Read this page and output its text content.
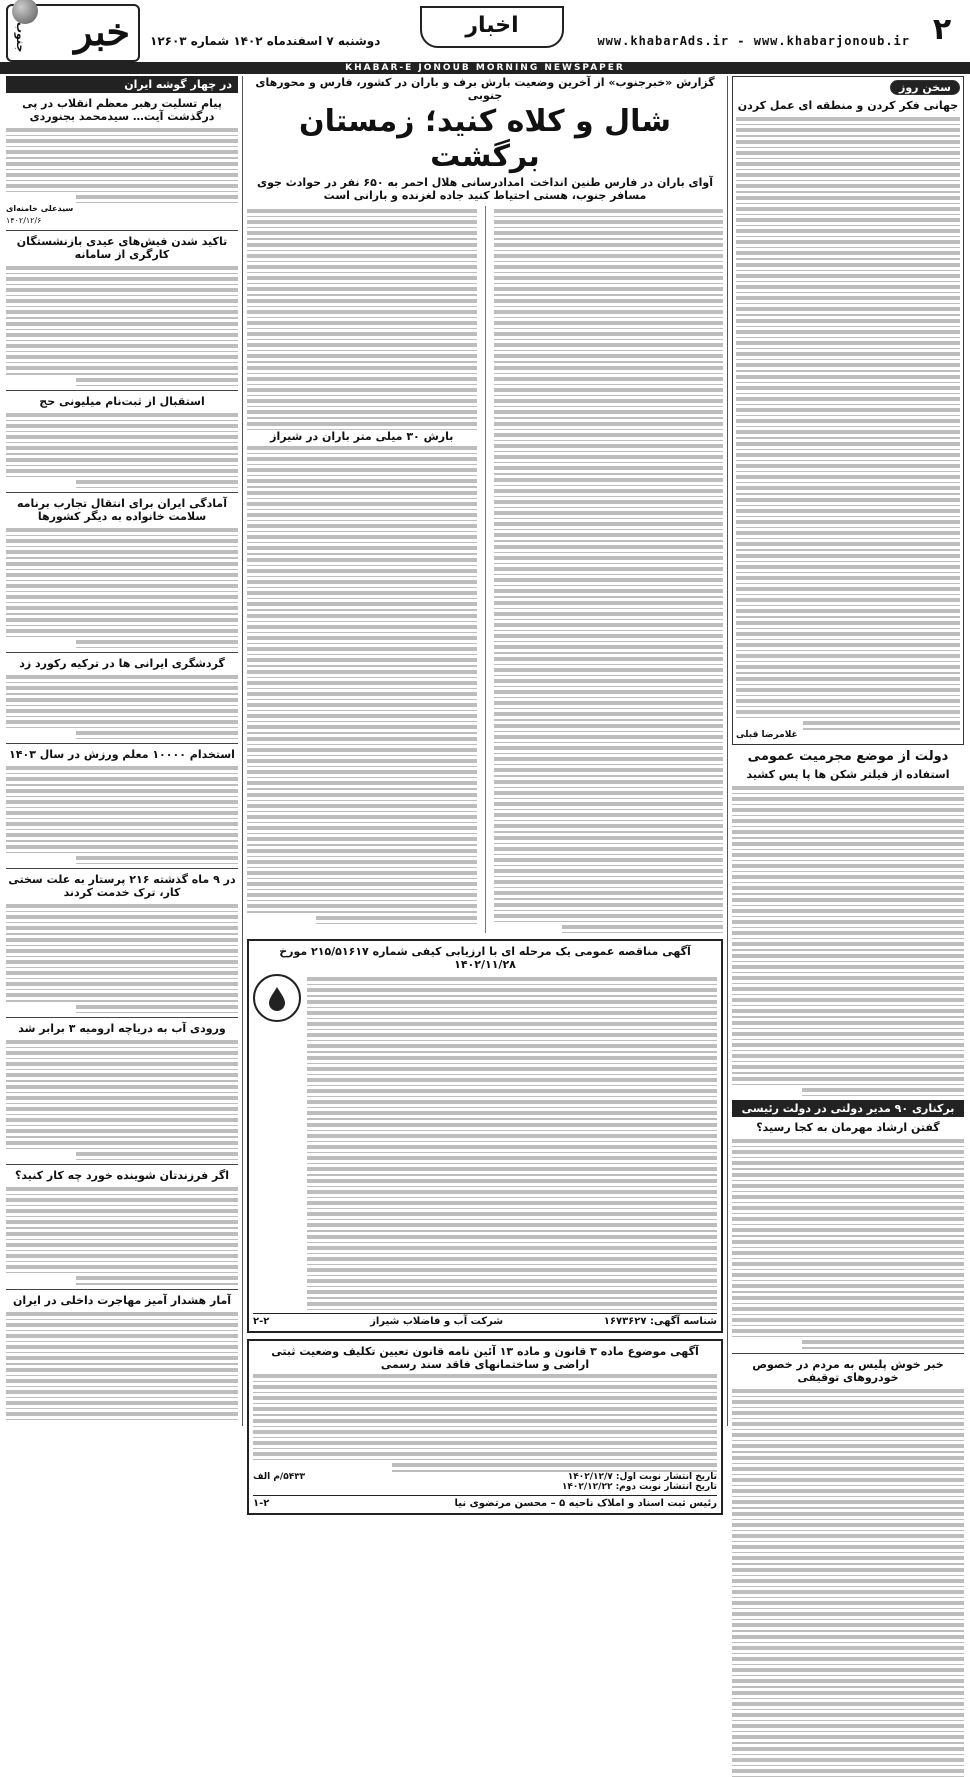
۲
www.khabarAds.ir - www.khabarjonoub.ir
اخبار
دوشنبه ۷ اسفندماه ۱۴۰۲ شماره ۱۲۶۰۳
خبر
جنوب
KHABAR-E JONOUB MORNING NEWSPAPER
سخن روز
جهانی فکر کردن و منطقه ای عمل کردن
غلامرضا قبلی
دولت از موضع مجرمیت عمومی
استفاده از فیلتر شکن ها پا پس کشید
برکناری ۹۰ مدیر دولتی در دولت رئیسی
گفتن ارشاد مهرمان به کجا رسید؟
خبر خوش پلیس به مردم در خصوص خودروهای توقیفی
گزارش «خبرجنوب» از آخرین وضعیت بارش برف و باران در کشور، فارس و محورهای جنوبی
شال و کلاه کنید؛ زمستان برگشت
آوای باران در فارس طنین انداخت
امدادرسانی هلال احمر به ۶۵۰ نفر در حوادث جوی
مسافر جنوب، هستی احتیاط کنید جاده لغزنده و بارانی است
بارش ۳۰ میلی متر باران در شیراز
آگهی مناقصه عمومی یک مرحله ای با ارزیابی کیفی شماره ۲۱۵/۵۱۶۱۷ مورخ ۱۴۰۲/۱۱/۲۸
شناسه آگهی: ۱۶۷۳۶۲۷
شرکت آب و فاضلاب شیراز
۲-۲
آگهی موضوع ماده ۳ قانون و ماده ۱۳ آئین نامه قانون تعیین تکلیف وضعیت ثبتی اراضی و ساختمانهای فاقد سند رسمی
تاریخ انتشار نوبت اول: ۱۴۰۲/۱۲/۷
۵۴۳۳/م الف
تاریخ انتشار نوبت دوم: ۱۴۰۲/۱۲/۲۲
رئیس ثبت اسناد و املاک ناحیه ۵ – محسن مرتضوی نیا
۱-۲
در چهار گوشه ایران
پیام تسلیت رهبر معظم انقلاب در پی درگذشت آیت… سیدمحمد بجنوردی
سیدعلی خامنه‌ای
۱۴۰۲/۱۲/۶
تاکید شدن فیش‌های عیدی بازنشستگان کارگری از سامانه
استقبال از ثبت‌نام میلیونی حج
آمادگی ایران برای انتقال تجارب برنامه سلامت خانواده به دیگر کشورها
گردشگری ایرانی ها در ترکیه رکورد زد
استخدام ۱۰۰۰۰ معلم ورزش در سال ۱۴۰۳
در ۹ ماه گذشته ۲۱۶ پرستار به علت سختی کار، ترک خدمت کردند
ورودی آب به دریاچه ارومیه ۳ برابر شد
اگر فرزندتان شوینده خورد چه کار کنید؟
آمار هشدار آمیز مهاجرت داخلی در ایران
